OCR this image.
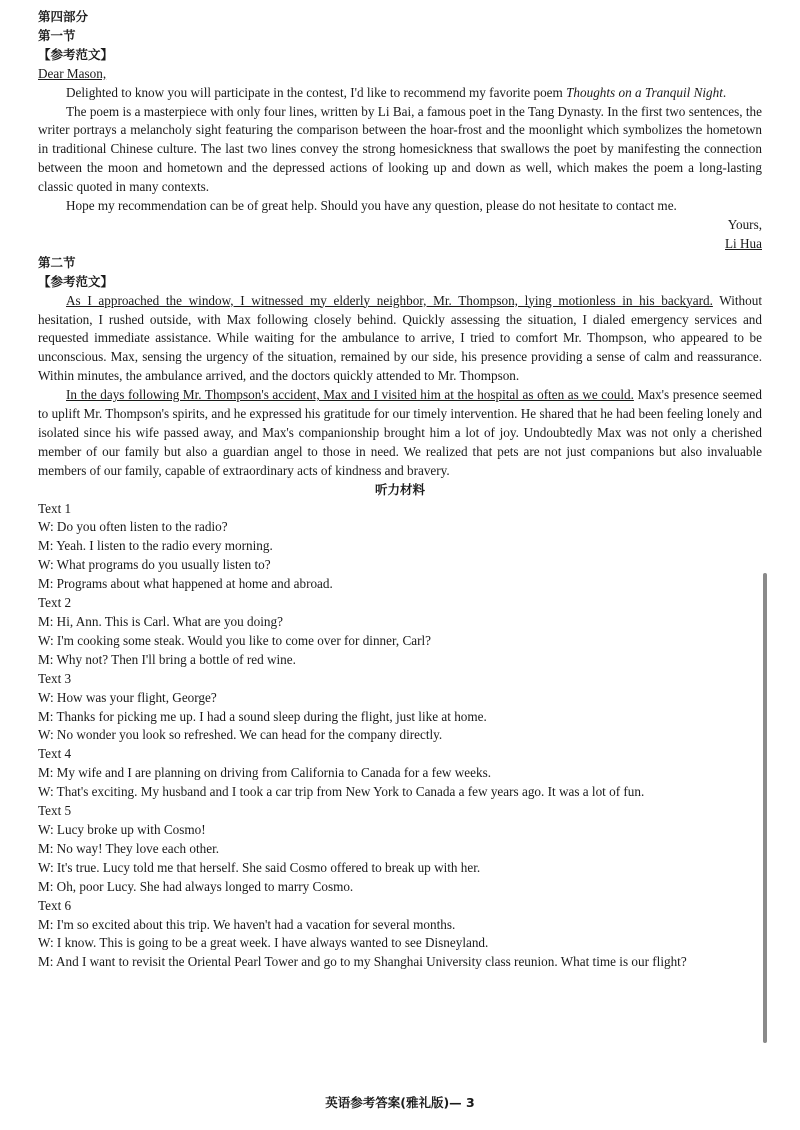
第四部分

第一节

【参考范文】

Dear Mason,

Delighted to know you will participate in the contest, I'd like to recommend my favorite poem Thoughts on a Tranquil Night.

The poem is a masterpiece with only four lines, written by Li Bai, a famous poet in the Tang Dynasty. In the first two sentences, the writer portrays a melancholy sight featuring the comparison between the hoar-frost and the moonlight which symbolizes the hometown in traditional Chinese culture. The last two lines convey the strong homesickness that swallows the poet by manifesting the connection between the moon and hometown and the depressed actions of looking up and down as well, which makes the poem a long-lasting classic quoted in many contexts.

Hope my recommendation can be of great help. Should you have any question, please do not hesitate to contact me.

Yours,

Li Hua

第二节

【参考范文】

As I approached the window, I witnessed my elderly neighbor, Mr. Thompson, lying motionless in his backyard. Without hesitation, I rushed outside, with Max following closely behind. Quickly assessing the situation, I dialed emergency services and requested immediate assistance. While waiting for the ambulance to arrive, I tried to comfort Mr. Thompson, who appeared to be unconscious. Max, sensing the urgency of the situation, remained by our side, his presence providing a sense of calm and reassurance. Within minutes, the ambulance arrived, and the doctors quickly attended to Mr. Thompson.

In the days following Mr. Thompson's accident, Max and I visited him at the hospital as often as we could. Max's presence seemed to uplift Mr. Thompson's spirits, and he expressed his gratitude for our timely intervention. He shared that he had been feeling lonely and isolated since his wife passed away, and Max's companionship brought him a lot of joy. Undoubtedly Max was not only a cherished member of our family but also a guardian angel to those in need. We realized that pets are not just companions but also invaluable members of our family, capable of extraordinary acts of kindness and bravery.

听力材料

Text 1

W: Do you often listen to the radio?

M: Yeah. I listen to the radio every morning.

W: What programs do you usually listen to?

M: Programs about what happened at home and abroad.

Text 2

M: Hi, Ann. This is Carl. What are you doing?

W: I'm cooking some steak. Would you like to come over for dinner, Carl?

M: Why not? Then I'll bring a bottle of red wine.

Text 3

W: How was your flight, George?

M: Thanks for picking me up. I had a sound sleep during the flight, just like at home.

W: No wonder you look so refreshed. We can head for the company directly.

Text 4

M: My wife and I are planning on driving from California to Canada for a few weeks.

W: That's exciting. My husband and I took a car trip from New York to Canada a few years ago. It was a lot of fun.

Text 5

W: Lucy broke up with Cosmo!

M: No way! They love each other.

W: It's true. Lucy told me that herself. She said Cosmo offered to break up with her.

M: Oh, poor Lucy. She had always longed to marry Cosmo.

Text 6

M: I'm so excited about this trip. We haven't had a vacation for several months.

W: I know. This is going to be a great week. I have always wanted to see Disneyland.

M: And I want to revisit the Oriental Pearl Tower and go to my Shanghai University class reunion. What time is our flight?

英语参考答案(雅礼版)— 3
